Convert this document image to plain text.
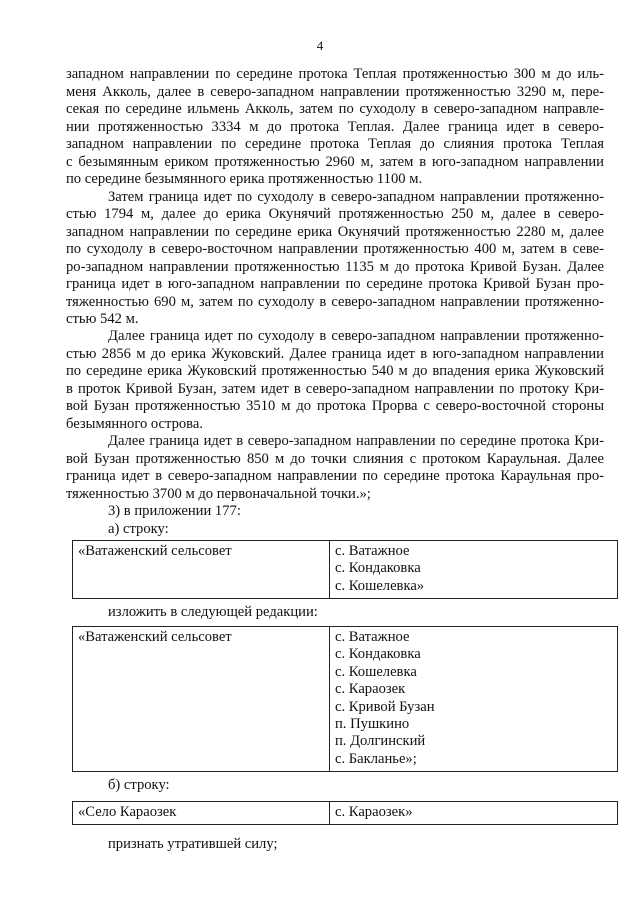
4
западном направлении по середине протока Теплая протяженностью 300 м до иль-
меня Акколь, далее в северо-западном направлении протяженностью 3290 м, пере-
секая по середине ильмень Акколь, затем по суходолу в северо-западном направле-
нии протяженностью 3334 м до протока Теплая. Далее граница идет в северо-
западном направлении по середине протока Теплая до слияния протока Теплая
с безымянным ериком протяженностью 2960 м, затем в юго-западном направлении
по середине безымянного ерика протяженностью 1100 м.
Затем граница идет по суходолу в северо-западном направлении протяженно-
стью 1794 м, далее до ерика Окунячий протяженностью 250 м, далее в северо-
западном направлении по середине ерика Окунячий протяженностью 2280 м, далее
по суходолу в северо-восточном направлении протяженностью 400 м, затем в севе-
ро-западном направлении протяженностью 1135 м до протока Кривой Бузан. Далее
граница идет в юго-западном направлении по середине протока Кривой Бузан про-
тяженностью 690 м, затем по суходолу в северо-западном направлении протяженно-
стью 542 м.
Далее граница идет по суходолу в северо-западном направлении протяженно-
стью 2856 м до ерика Жуковский. Далее граница идет в юго-западном направлении
по середине ерика Жуковский протяженностью 540 м до впадения ерика Жуковский
в проток Кривой Бузан, затем идет в северо-западном направлении по протоку Кри-
вой Бузан протяженностью 3510 м до протока Прорва с северо-восточной стороны
безымянного острова.
Далее граница идет в северо-западном направлении по середине протока Кри-
вой Бузан протяженностью 850 м до точки слияния с протоком Караульная. Далее
граница идет в северо-западном направлении по середине протока Караульная про-
тяженностью 3700 м до первоначальной точки.»;
3) в приложении 177:
а) строку:
«Ватаженский сельсовет	с. Ватажное
с. Кондаковка
с. Кошелевка»
изложить в следующей редакции:
«Ватаженский сельсовет	с. Ватажное
с. Кондаковка
с. Кошелевка
с. Караозек
с. Кривой Бузан
п. Пушкино
п. Долгинский
с. Бакланье»;
б) строку:
«Село Караозек	с. Караозек»
признать утратившей силу;
